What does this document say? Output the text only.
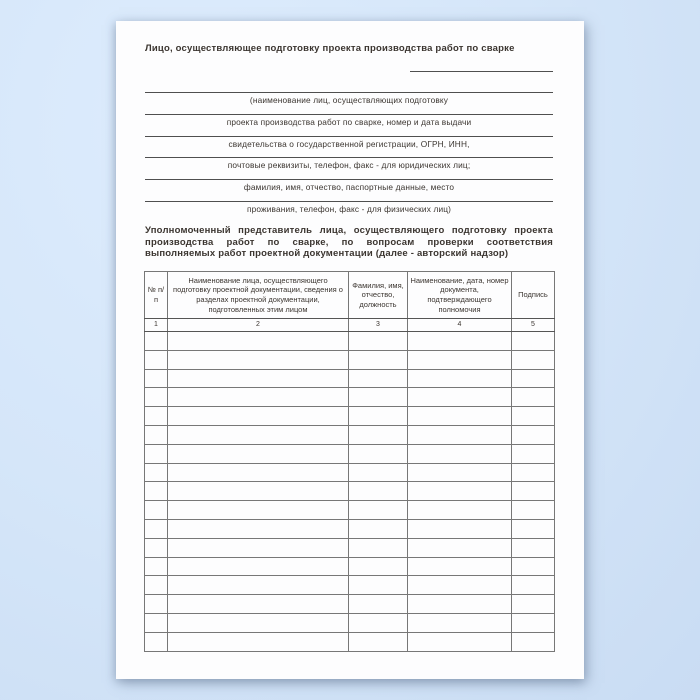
Лицо, осуществляющее подготовку проекта производства работ по сварке
(наименование лиц, осуществляющих подготовку
проекта производства работ по сварке, номер и дата выдачи
свидетельства о государственной регистрации, ОГРН, ИНН,
почтовые реквизиты, телефон, факс - для юридических лиц;
фамилия, имя, отчество, паспортные данные, место
проживания, телефон, факс - для физических лиц)
Уполномоченный представитель лица, осуществляющего подготовку проекта производства работ по сварке, по вопросам проверки соответствия выполняемых работ проектной документации (далее - авторский надзор)
№ п/п	Наименование лица, осуществляющего подготовку проектной документации, сведения о разделах проектной документации, подготовленных этим лицом	Фамилия, имя, отчество, должность	Наименование, дата, номер документа, подтверждающего полномочия	Подпись
1	2	3	4	5
